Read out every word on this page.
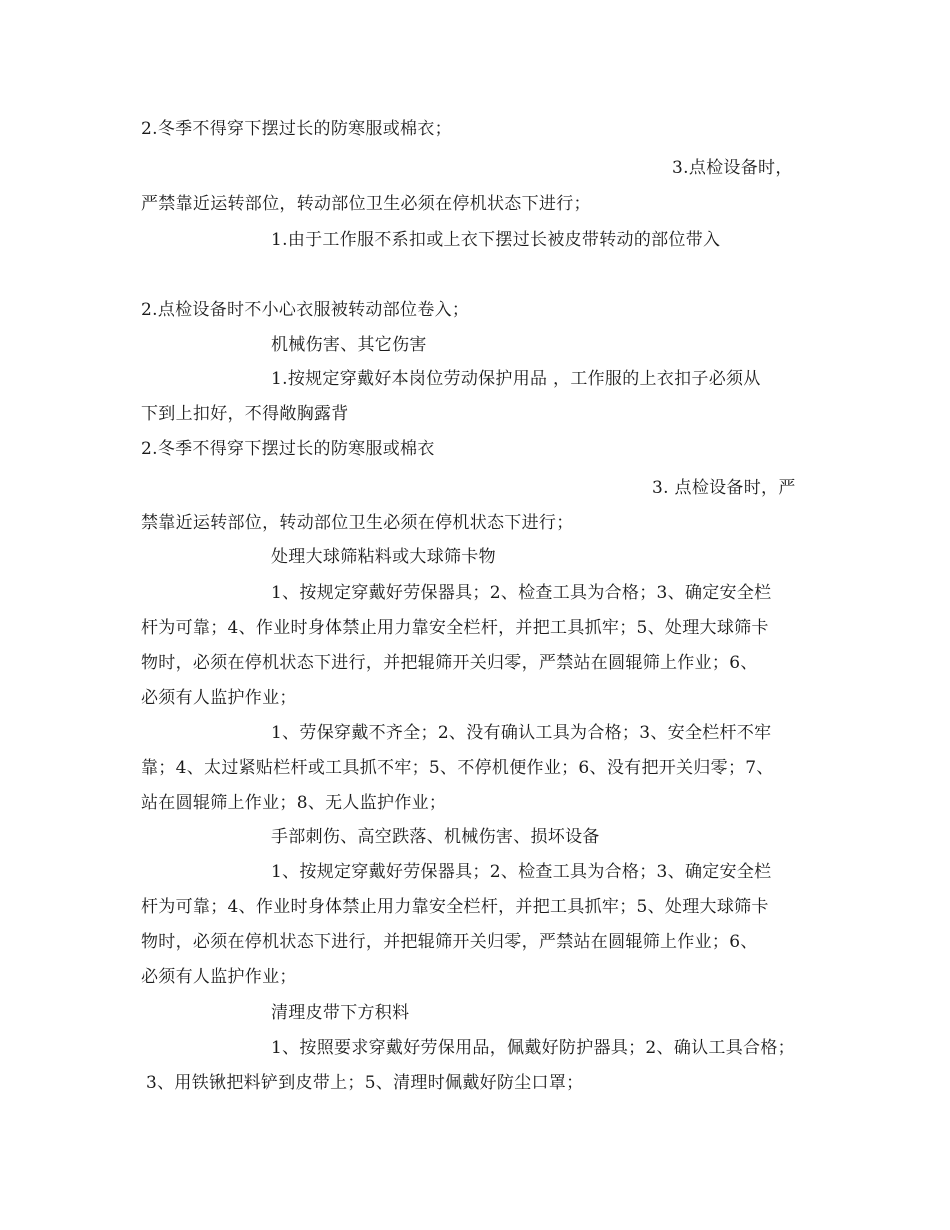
2.冬季不得穿下摆过长的防寒服或棉衣；
3.点检设备时，
严禁靠近运转部位，转动部位卫生必须在停机状态下进行；
1.由于工作服不系扣或上衣下摆过长被皮带转动的部位带入
2.点检设备时不小心衣服被转动部位卷入；
机械伤害、其它伤害
1.按规定穿戴好本岗位劳动保护用品 ，工作服的上衣扣子必须从
下到上扣好，不得敞胸露背
2.冬季不得穿下摆过长的防寒服或棉衣
3. 点检设备时，严
禁靠近运转部位，转动部位卫生必须在停机状态下进行；
处理大球筛粘料或大球筛卡物
1、按规定穿戴好劳保器具；2、检查工具为合格；3、确定安全栏
杆为可靠；4、作业时身体禁止用力靠安全栏杆，并把工具抓牢；5、处理大球筛卡
物时，必须在停机状态下进行，并把辊筛开关归零，严禁站在圆辊筛上作业；6、
必须有人监护作业；
1、劳保穿戴不齐全；2、没有确认工具为合格；3、安全栏杆不牢
靠；4、太过紧贴栏杆或工具抓不牢；5、不停机便作业；6、没有把开关归零；7、
站在圆辊筛上作业；8、无人监护作业；
手部刺伤、高空跌落、机械伤害、损坏设备
1、按规定穿戴好劳保器具；2、检查工具为合格；3、确定安全栏
杆为可靠；4、作业时身体禁止用力靠安全栏杆，并把工具抓牢；5、处理大球筛卡
物时，必须在停机状态下进行，并把辊筛开关归零，严禁站在圆辊筛上作业；6、
必须有人监护作业；
清理皮带下方积料
1、按照要求穿戴好劳保用品，佩戴好防护器具；2、确认工具合格；
3、用铁锹把料铲到皮带上；5、清理时佩戴好防尘口罩；
